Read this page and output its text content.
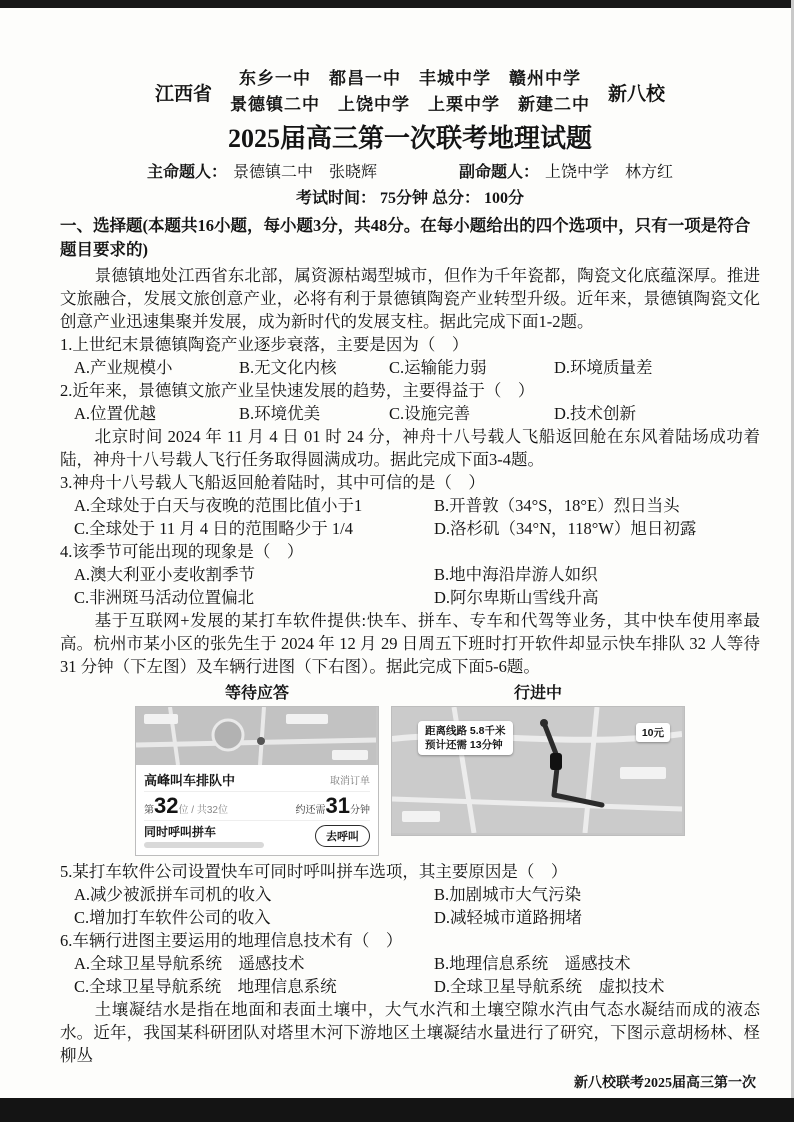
江西省
东乡一中　都昌一中　丰城中学　赣州中学
景德镇二中　上饶中学　上栗中学　新建二中 新八校
2025届高三第一次联考地理试题
主命题人： 景德镇二中　张晓辉	副命题人： 上饶中学　林方红
考试时间： 75分钟 总分： 100分
一、选择题(本题共16小题，每小题3分，共48分。在每小题给出的四个选项中，只有一项是符合题目要求的)

景德镇地处江西省东北部，属资源枯竭型城市，但作为千年瓷都，陶瓷文化底蕴深厚。推进文旅融合，发展文旅创意产业，必将有利于景德镇陶瓷产业转型升级。近年来，景德镇陶瓷文化创意产业迅速集聚并发展，成为新时代的发展支柱。据此完成下面1-2题。

1.上世纪末景德镇陶瓷产业逐步衰落，主要是因为（　）
A.产业规模小	B.无文化内核	C.运输能力弱	D.环境质量差
2.近年来，景德镇文旅产业呈快速发展的趋势，主要得益于（　）
A.位置优越	B.环境优美	C.设施完善	D.技术创新

北京时间 2024 年 11 月 4 日 01 时 24 分，神舟十八号载人飞船返回舱在东风着陆场成功着陆，神舟十八号载人飞行任务取得圆满成功。据此完成下面3-4题。

3.神舟十八号载人飞船返回舱着陆时，其中可信的是（　）
A.全球处于白天与夜晚的范围比值小于1	B.开普敦（34°S，18°E）烈日当头
C.全球处于 11 月 4 日的范围略少于 1/4	D.洛杉矶（34°N，118°W）旭日初露
4.该季节可能出现的现象是（　）
A.澳大利亚小麦收割季节	B.地中海沿岸游人如织
C.非洲斑马活动位置偏北	D.阿尔卑斯山雪线升高

基于互联网+发展的某打车软件提供:快车、拼车、专车和代驾等业务，其中快车使用率最高。杭州市某小区的张先生于 2024 年 12 月 29 日周五下班时打开软件却显示快车排队 32 人等待 31 分钟（下左图）及车辆行进图（下右图）。据此完成下面5-6题。

等待应答
高峰叫车排队中	取消订单
第 32 位 / 共32位	约还需 31 分钟
同时呼叫拼车	去呼叫
行进中
距离线路 5.8千米
预计还需 13分钟
10元
5.某打车软件公司设置快车可同时呼叫拼车选项，其主要原因是（　）
A.减少被派拼车司机的收入	B.加剧城市大气污染
C.增加打车软件公司的收入	D.减轻城市道路拥堵
6.车辆行进图主要运用的地理信息技术有（　）
A.全球卫星导航系统　遥感技术	B.地理信息系统　遥感技术
C.全球卫星导航系统　地理信息系统	D.全球卫星导航系统　虚拟技术

土壤凝结水是指在地面和表面土壤中，大气水汽和土壤空隙水汽由气态水凝结而成的液态水。近年，我国某科研团队对塔里木河下游地区土壤凝结水量进行了研究，下图示意胡杨林、柽柳丛

新八校联考2025届高三第一次
